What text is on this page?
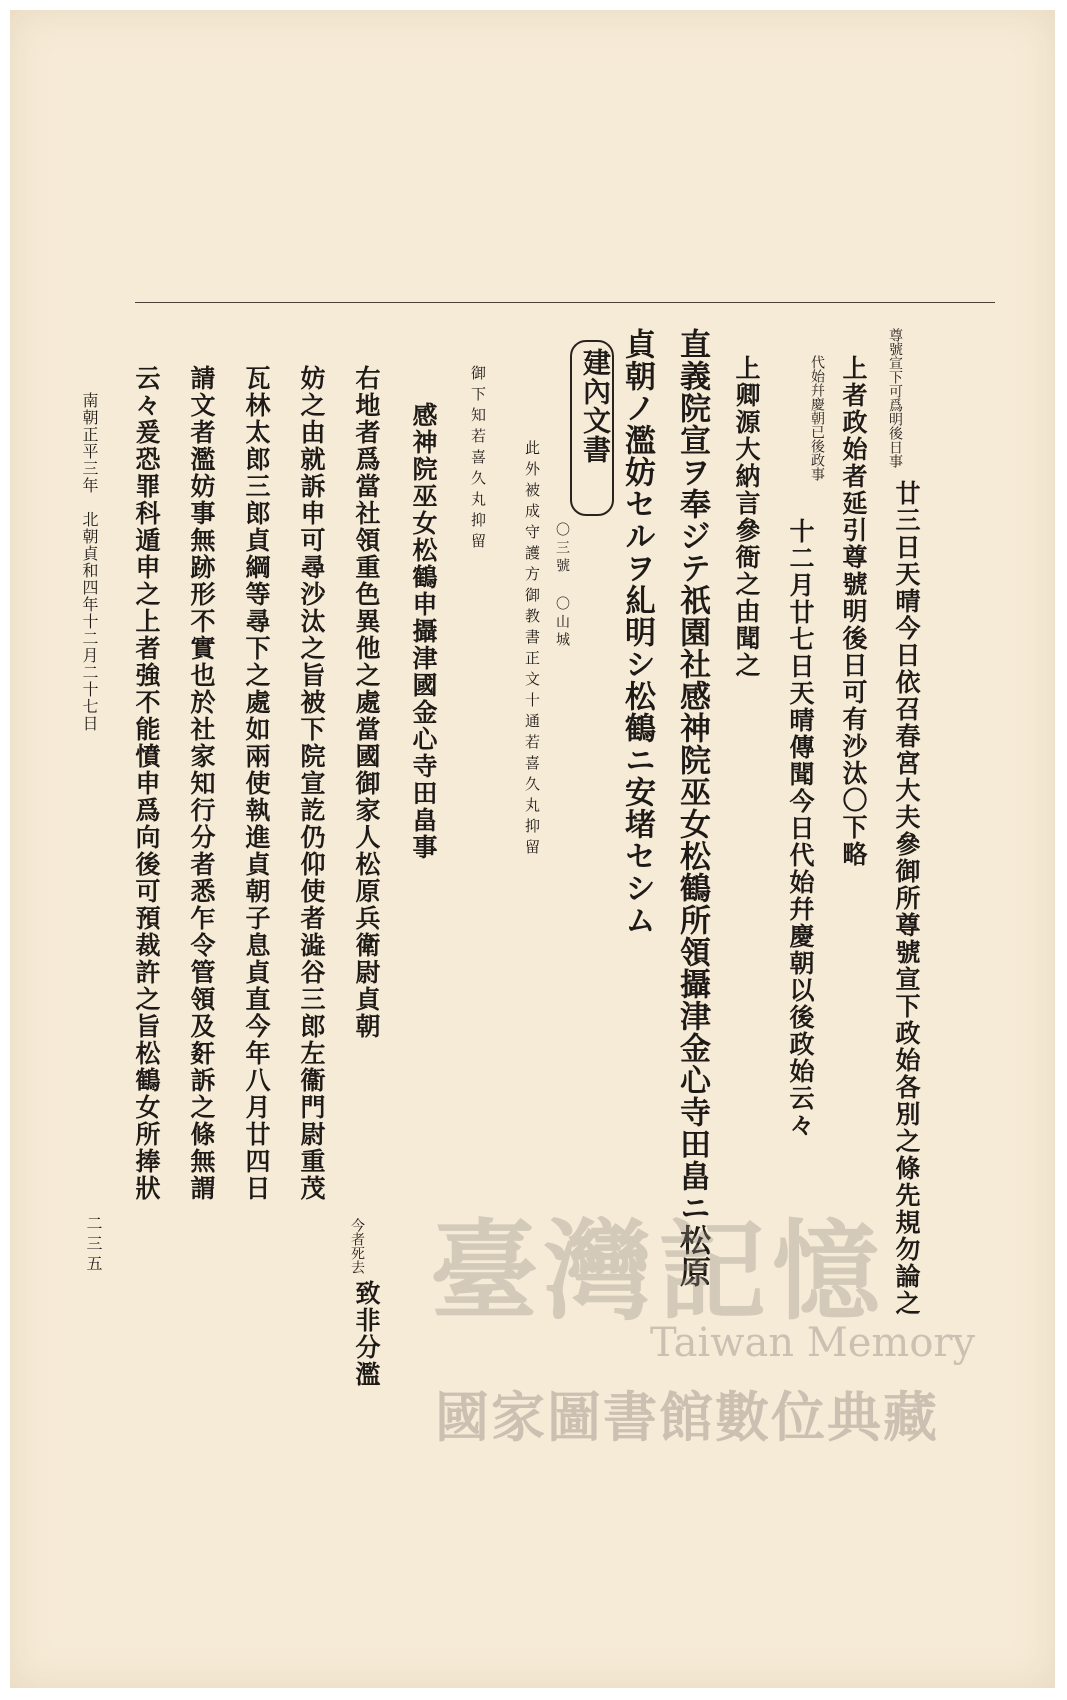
尊號宣下可爲明後日事
廿三日天晴今日依召春宮大夫參御所尊號宣下政始各別之條先規勿論之
上者政始者延引尊號明後日可有沙汰〇下略
代始幷慶朝已後政事
十二月廿七日天晴傳聞今日代始幷慶朝以後政始云々
上卿源大納言參衙之由聞之
直義院宣ヲ奉ジテ祇園社感神院巫女松鶴所領攝津金心寺田畠ニ松原
貞朝ノ濫妨セルヲ糺明シ松鶴ニ安堵セシム
建內文書
〇三號 〇山城
此外被成守護方御教書正文十通若喜久丸抑留
御下知若喜久丸抑留
感神院巫女松鶴申攝津國金心寺田畠事
右地者爲當社領重色異他之處當國御家人松原兵衛尉貞朝
今者死去
致非分濫
妨之由就訴申可尋沙汰之旨被下院宣訖仍仰使者澁谷三郎左衞門尉重茂
瓦林太郎三郎貞綱等尋下之處如兩使執進貞朝子息貞直今年八月廿四日
請文者濫妨事無跡形不實也於社家知行分者悉乍令管領及姧訴之條無謂
云々爰恐罪科遁申之上者強不能憤申爲向後可預裁許之旨松鶴女所捧狀
南朝正平三年　北朝貞和四年十二月二十七日
二三五	臺灣記憶
Taiwan Memory
國家圖書館數位典藏
